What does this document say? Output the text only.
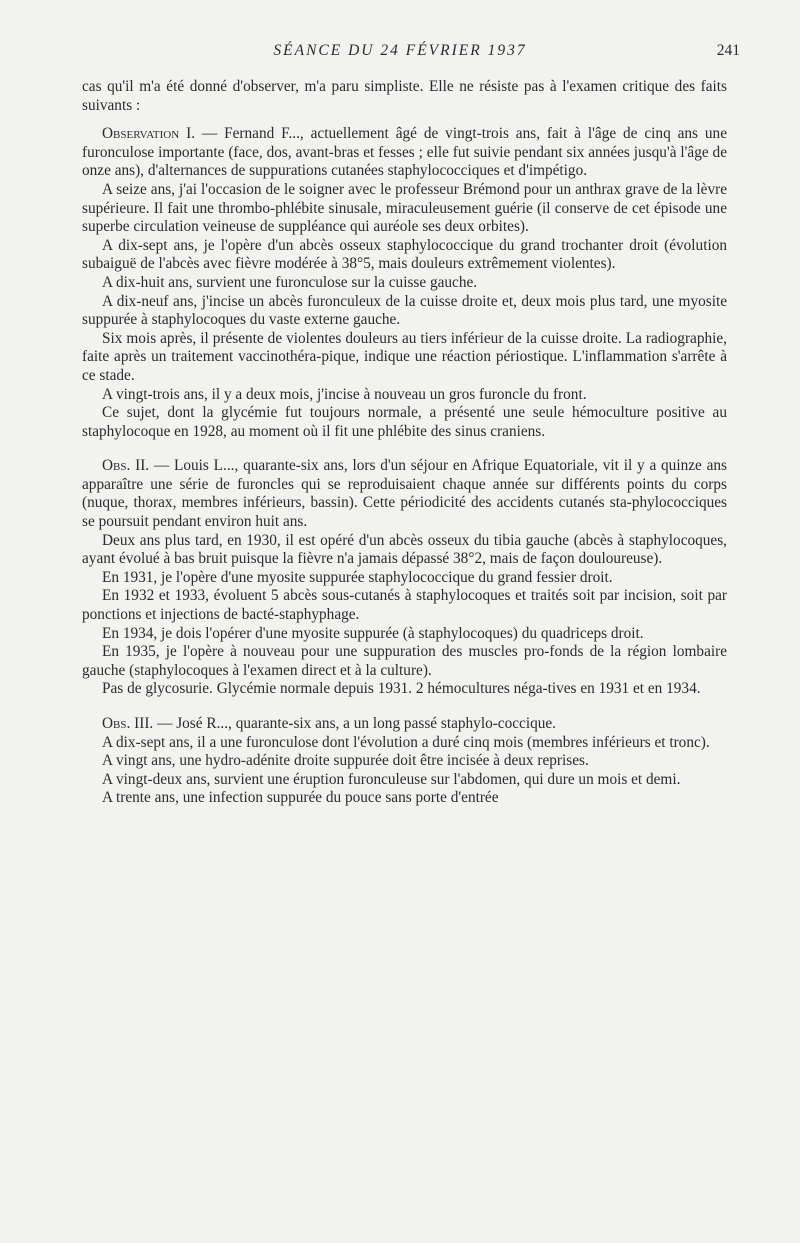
SÉANCE DU 24 FÉVRIER 1937	241

cas qu'il m'a été donné d'observer, m'a paru simpliste. Elle ne résiste pas à l'examen critique des faits suivants :

Observation I. — Fernand F..., actuellement âgé de vingt-trois ans, fait à l'âge de cinq ans une furonculose importante (face, dos, avant-bras et fesses ; elle fut suivie pendant six années jusqu'à l'âge de onze ans), d'alternances de suppurations cutanées staphylococciques et d'impétigo.

A seize ans, j'ai l'occasion de le soigner avec le professeur Brémond pour un anthrax grave de la lèvre supérieure. Il fait une thrombo-phlébite sinusale, miraculeusement guérie (il conserve de cet épisode une superbe circulation veineuse de suppléance qui auréole ses deux orbites).

A dix-sept ans, je l'opère d'un abcès osseux staphylococcique du grand trochanter droit (évolution subaiguë de l'abcès avec fièvre modérée à 38°5, mais douleurs extrêmement violentes).

A dix-huit ans, survient une furoncul​ose sur la cuisse gauche.

A dix-neuf ans, j'incise un abcès furonculeux de la cuisse droite et, deux mois plus tard, une myosite suppurée à staphylocoques du vaste externe gauche.

Six mois après, il présente de violentes douleurs au tiers inférieur de la cuisse droite. La radiographie, faite après un traitement vaccinothéra-pique, indique une réaction périostique. L'inflammation s'arrête à ce stade.

A vingt-trois ans, il y a deux mois, j'incise à nouveau un gros furoncle du front.

Ce sujet, dont la glycémie fut toujours normale, a présenté une seule hémoculture positive au staphylocoque en 1928, au moment où il fit une phlébite des sinus craniens.

Obs. II. — Louis L..., quarante-six ans, lors d'un séjour en Afrique Equatoriale, vit il y a quinze ans apparaître une série de furoncles qui se reproduisaient chaque année sur différents points du corps (nuque, thorax, membres inférieurs, bassin). Cette périodicité des accidents cutanés sta-phylococciques se poursuit pendant environ huit ans.

Deux ans plus tard, en 1930, il est opéré d'un abcès osseux du tibia gauche (abcès à staphylocoques, ayant évolué à bas bruit puisque la fièvre n'a jamais dépassé 38°2, mais de façon douloureuse).

En 1931, je l'opère d'une myosite suppurée staphylococcique du grand fessier droit.

En 1932 et 1933, évoluent 5 abcès sous-cutanés à staphylocoques et traités soit par incision, soit par ponctions et injections de bacté-staphyphage.

En 1934, je dois l'opérer d'une myosite suppurée (à staphylocoques) du quadriceps droit.

En 1935, je l'opère à nouveau pour une suppuration des muscles pro-fonds de la région lombaire gauche (staphylocoques à l'examen direct et à la culture).

Pas de glycosurie. Glycémie normale depuis 1931. 2 hémocultures néga-tives en 1931 et en 1934.

Obs. III. — José R..., quarante-six ans, a un long passé staphylo-coccique.

A dix-sept ans, il a une furonculose dont l'évolution a duré cinq mois (membres inférieurs et tronc).

A vingt ans, une hydro-adénite droite suppurée doit être incisée à deux reprises.

A vingt-deux ans, survient une éruption furonculeuse sur l'abdomen, qui dure un mois et demi.

A trente ans, une infection suppurée du pouce sans porte d'entrée
